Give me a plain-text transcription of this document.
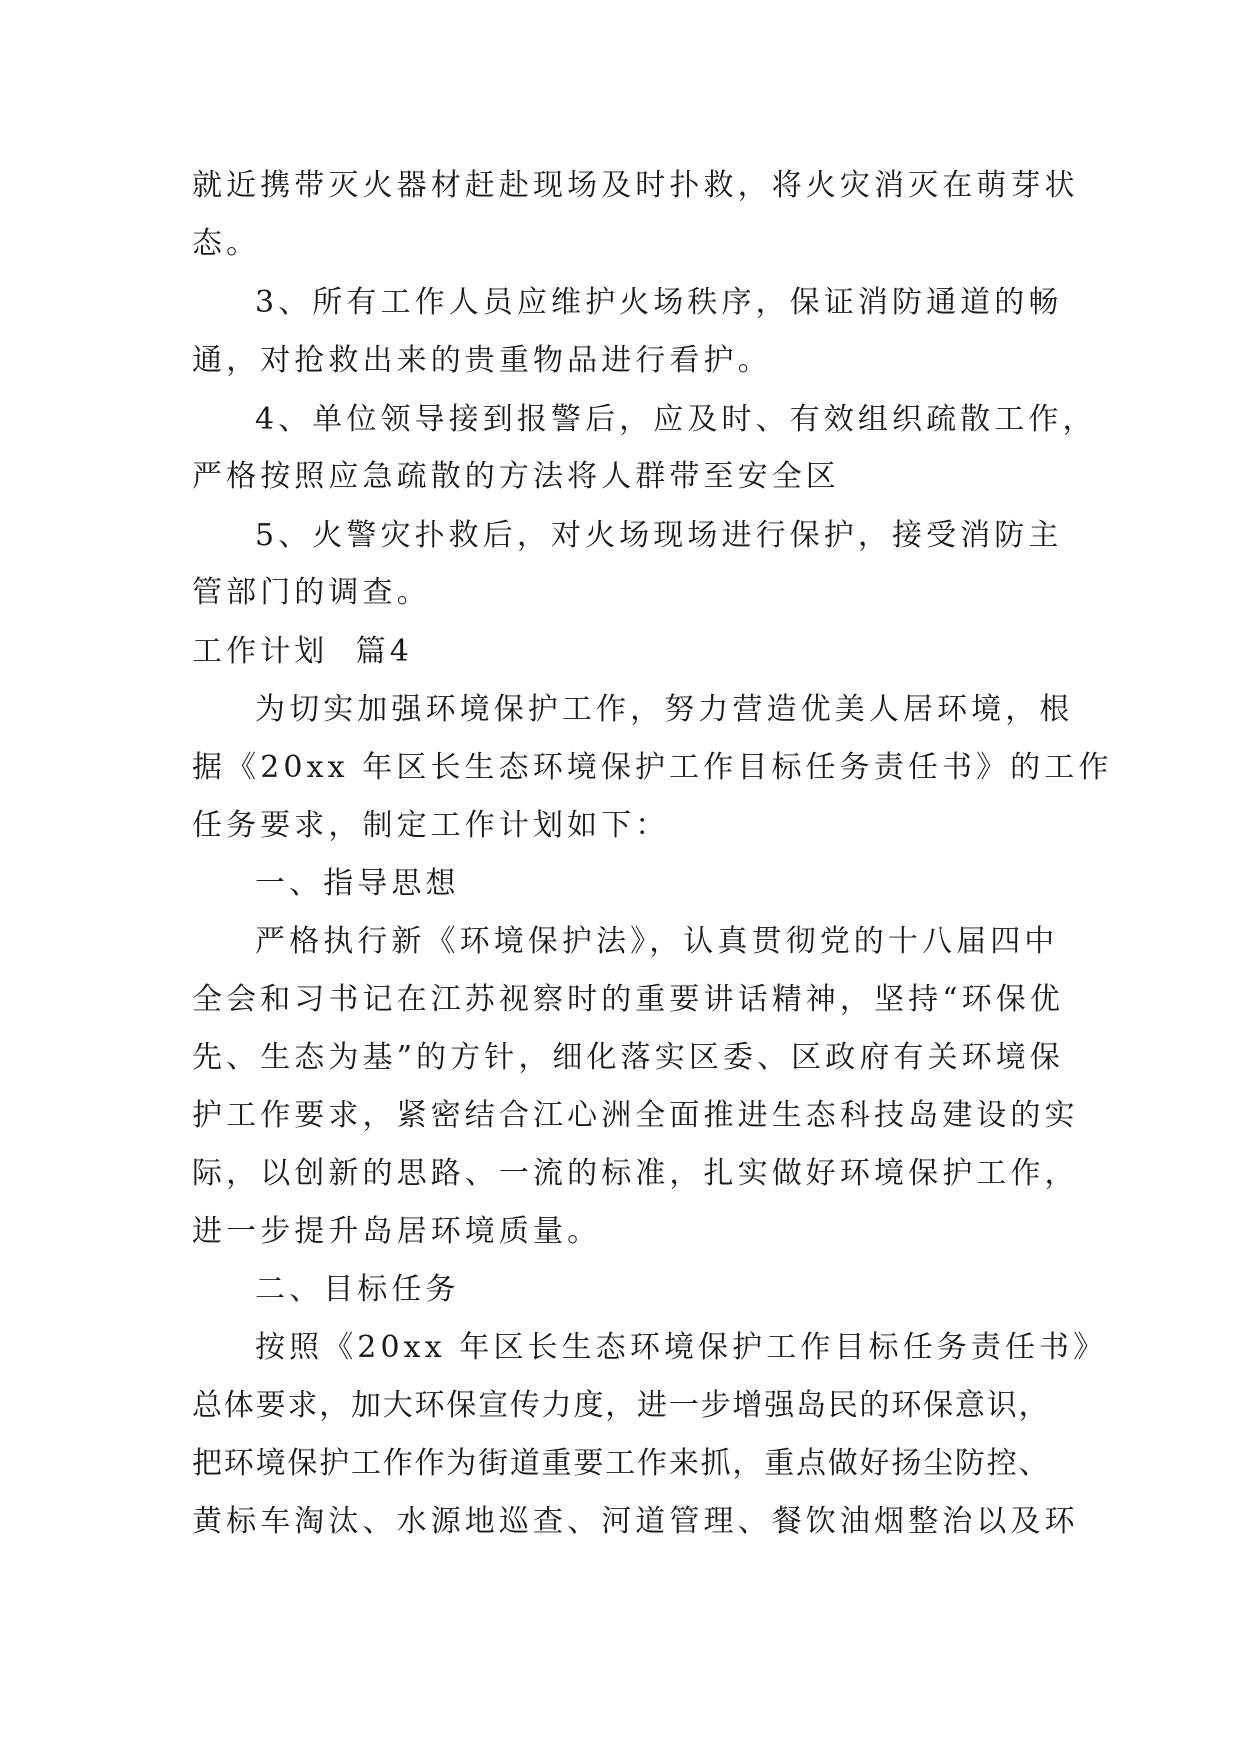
就近携带灭火器材赶赴现场及时扑救，将火灾消灭在萌芽状
态。
3、所有工作人员应维护火场秩序，保证消防通道的畅
通，对抢救出来的贵重物品进行看护。
4、单位领导接到报警后，应及时、有效组织疏散工作，
严格按照应急疏散的方法将人群带至安全区
5、火警灾扑救后，对火场现场进行保护，接受消防主
管部门的调查。
工作计划  篇4
为切实加强环境保护工作，努力营造优美人居环境，根
据《20xx 年区长生态环境保护工作目标任务责任书》的工作
任务要求，制定工作计划如下：
一、指导思想
严格执行新《环境保护法》，认真贯彻党的十八届四中
全会和习书记在江苏视察时的重要讲话精神，坚持“环保优
先、生态为基”的方针，细化落实区委、区政府有关环境保
护工作要求，紧密结合江心洲全面推进生态科技岛建设的实
际，以创新的思路、一流的标准，扎实做好环境保护工作，
进一步提升岛居环境质量。
二、目标任务
按照《20xx 年区长生态环境保护工作目标任务责任书》
总体要求，加大环保宣传力度，进一步增强岛民的环保意识，
把环境保护工作作为街道重要工作来抓，重点做好扬尘防控、
黄标车淘汰、水源地巡查、河道管理、餐饮油烟整治以及环
